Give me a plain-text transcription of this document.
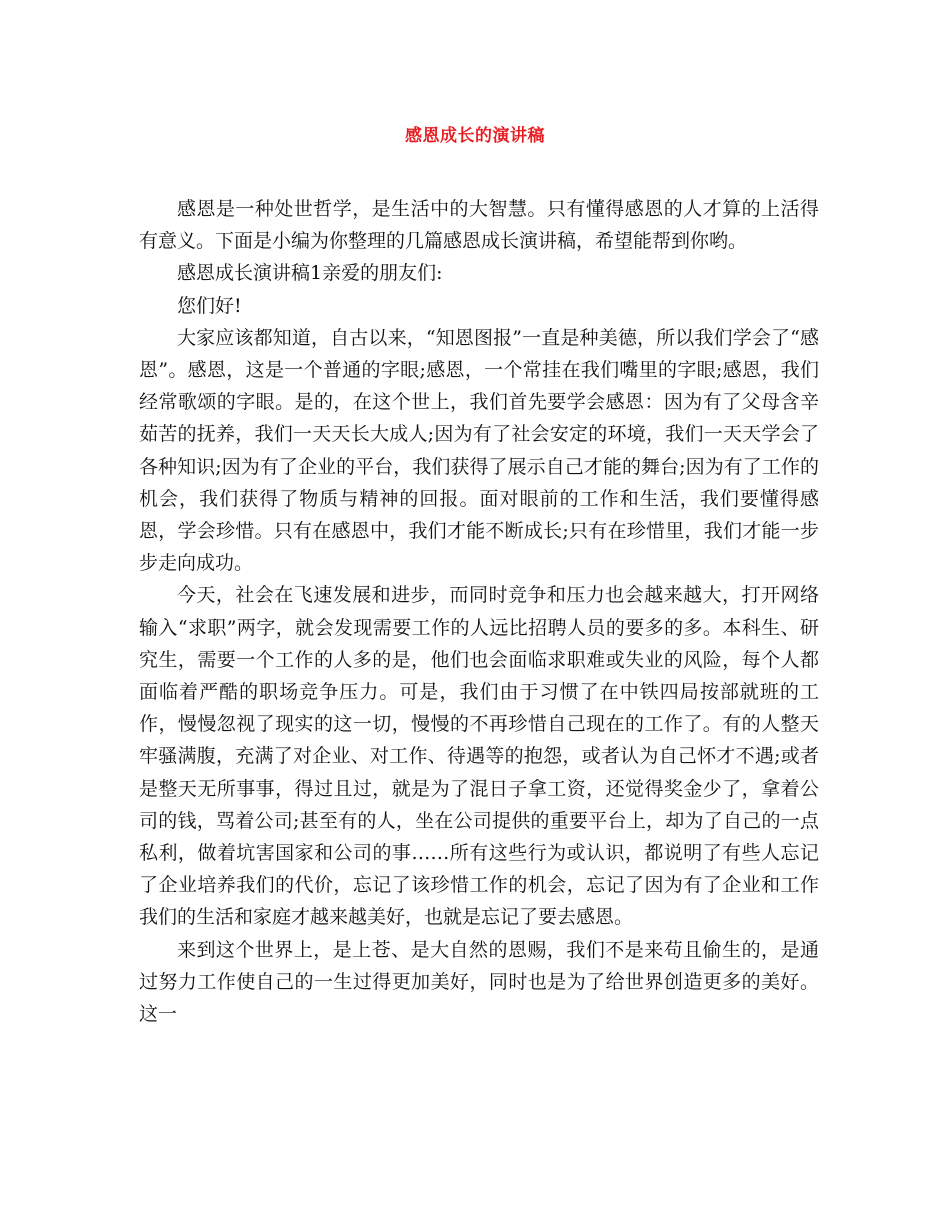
感恩成长的演讲稿

感恩是一种处世哲学，是生活中的大智慧。只有懂得感恩的人才算的上活得有意义。下面是小编为你整理的几篇感恩成长演讲稿，希望能帮到你哟。

感恩成长演讲稿1亲爱的朋友们:

您们好!

大家应该都知道，自古以来，“知恩图报”一直是种美德，所以我们学会了“感恩”。感恩，这是一个普通的字眼;感恩，一个常挂在我们嘴里的字眼;感恩，我们经常歌颂的字眼。是的，在这个世上，我们首先要学会感恩：因为有了父母含辛茹苦的抚养，我们一天天长大成人;因为有了社会安定的环境，我们一天天学会了各种知识;因为有了企业的平台，我们获得了展示自己才能的舞台;因为有了工作的机会，我们获得了物质与精神的回报。面对眼前的工作和生活，我们要懂得感恩，学会珍惜。只有在感恩中，我们才能不断成长;只有在珍惜里，我们才能一步步走向成功。

今天，社会在飞速发展和进步，而同时竞争和压力也会越来越大，打开网络输入“求职”两字，就会发现需要工作的人远比招聘人员的要多的多。本科生、研究生，需要一个工作的人多的是，他们也会面临求职难或失业的风险，每个人都面临着严酷的职场竞争压力。可是，我们由于习惯了在中铁四局按部就班的工作，慢慢忽视了现实的这一切，慢慢的不再珍惜自己现在的工作了。有的人整天牢骚满腹，充满了对企业、对工作、待遇等的抱怨，或者认为自己怀才不遇;或者是整天无所事事，得过且过，就是为了混日子拿工资，还觉得奖金少了，拿着公司的钱，骂着公司;甚至有的人，坐在公司提供的重要平台上，却为了自己的一点私利，做着坑害国家和公司的事……所有这些行为或认识，都说明了有些人忘记了企业培养我们的代价，忘记了该珍惜工作的机会，忘记了因为有了企业和工作我们的生活和家庭才越来越美好，也就是忘记了要去感恩。

来到这个世界上，是上苍、是大自然的恩赐，我们不是来苟且偷生的，是通过努力工作使自己的一生过得更加美好，同时也是为了给世界创造更多的美好。这一
